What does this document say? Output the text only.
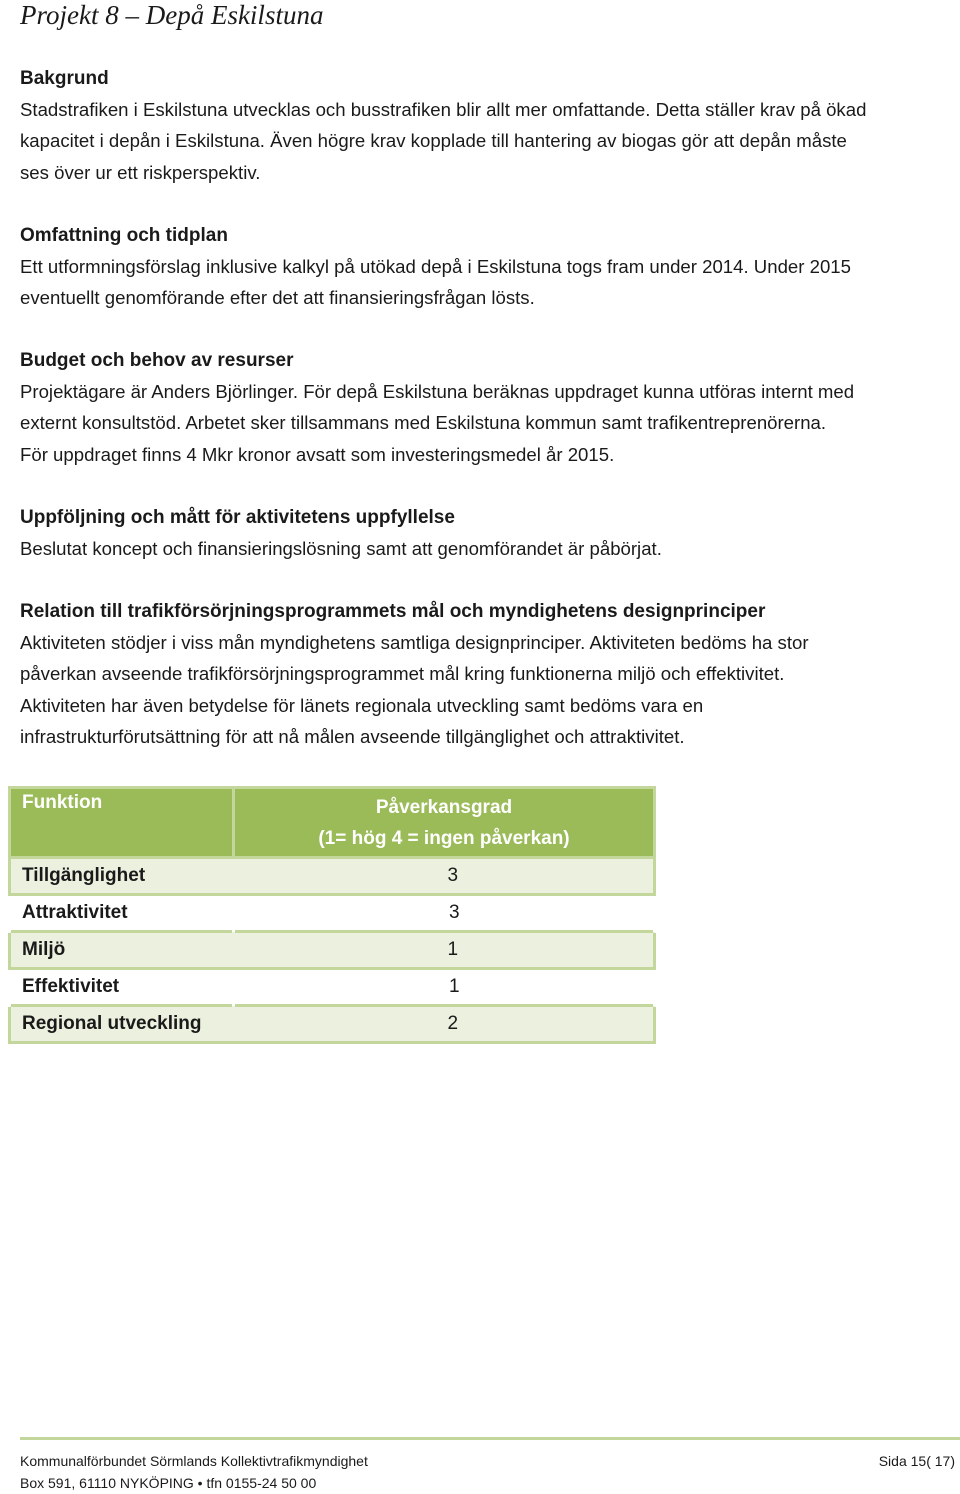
Projekt 8 – Depå Eskilstuna
Bakgrund

Stadstrafiken i Eskilstuna utvecklas och busstrafiken blir allt mer omfattande. Detta ställer krav på ökad
kapacitet i depån i Eskilstuna. Även högre krav kopplade till hantering av biogas gör att depån måste
ses över ur ett riskperspektiv.

Omfattning och tidplan

Ett utformningsförslag inklusive kalkyl på utökad depå i Eskilstuna togs fram under 2014. Under 2015
eventuellt genomförande efter det att finansieringsfrågan lösts.

Budget och behov av resurser

Projektägare är Anders Björlinger. För depå Eskilstuna beräknas uppdraget kunna utföras internt med
externt konsultstöd. Arbetet sker tillsammans med Eskilstuna kommun samt trafikentreprenörerna.
För uppdraget finns 4 Mkr kronor avsatt som investeringsmedel år 2015.

Uppföljning och mått för aktivitetens uppfyllelse

Beslutat koncept och finansieringslösning samt att genomförandet är påbörjat.

Relation till trafikförsörjningsprogrammets mål och myndighetens designprinciper

Aktiviteten stödjer i viss mån myndighetens samtliga designprinciper. Aktiviteten bedöms ha stor
påverkan avseende trafikförsörjningsprogrammet mål kring funktionerna miljö och effektivitet.
Aktiviteten har även betydelse för länets regionala utveckling samt bedöms vara en
infrastrukturförutsättning för att nå målen avseende tillgänglighet och attraktivitet.

Funktion	Påverkansgrad
(1= hög 4 = ingen påverkan)

Tillgänglighet	3
Attraktivitet	3
Miljö	1
Effektivitet	1
Regional utveckling	2
Kommunalförbundet Sörmlands Kollektivtrafikmyndighet
Box 591, 61110 NYKÖPING • tfn 0155-24 50 00
Sida 15( 17)
